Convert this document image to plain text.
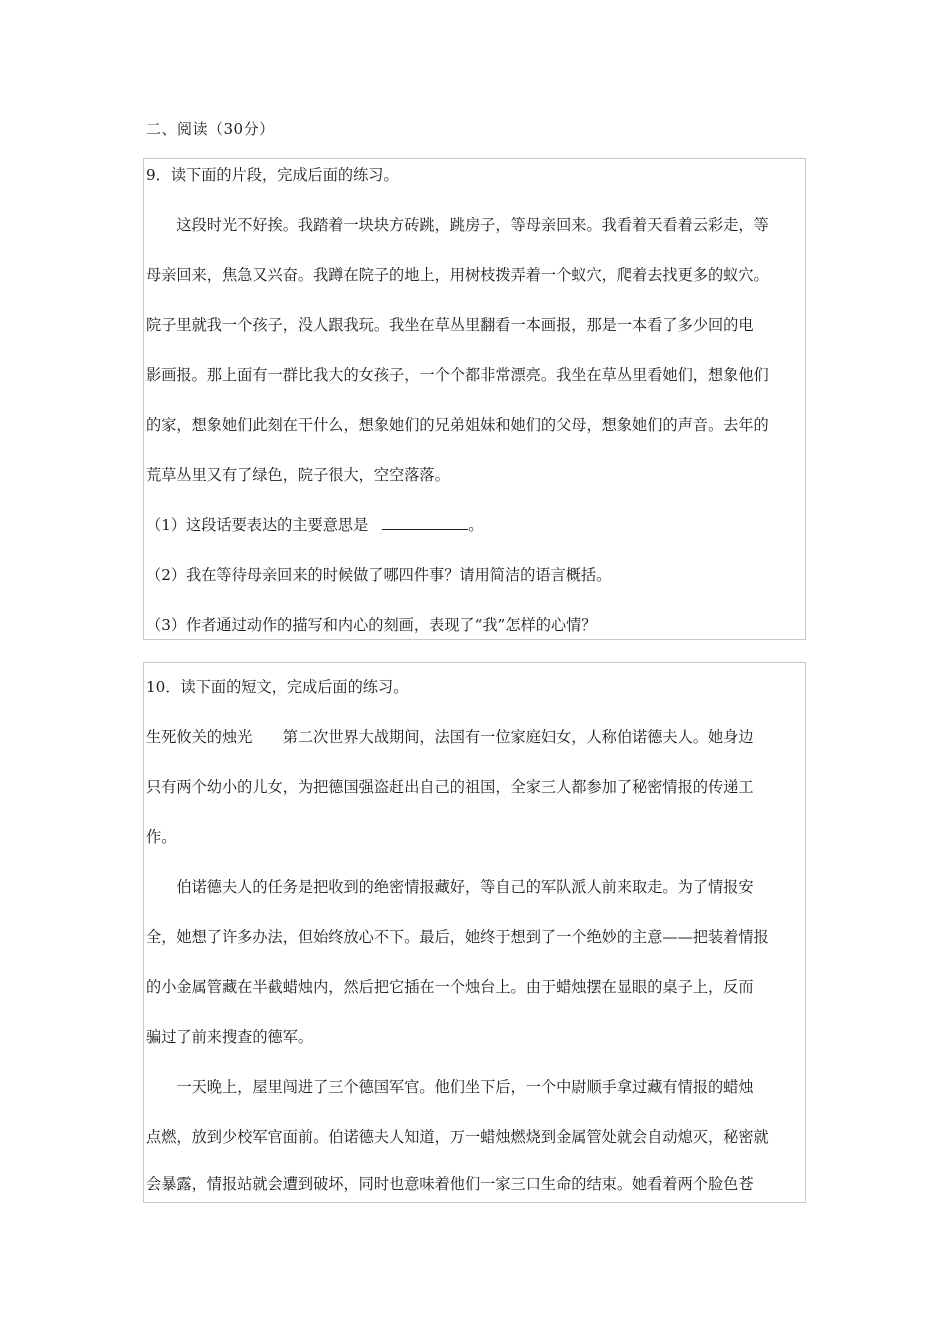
二、阅读（30分）
9．读下面的片段，完成后面的练习。
　　这段时光不好挨。我踏着一块块方砖跳，跳房子，等母亲回来。我看着天看着云彩走，等
母亲回来，焦急又兴奋。我蹲在院子的地上，用树枝拨弄着一个蚁穴，爬着去找更多的蚁穴。
院子里就我一个孩子，没人跟我玩。我坐在草丛里翻看一本画报，那是一本看了多少回的电
影画报。那上面有一群比我大的女孩子，一个个都非常漂亮。我坐在草丛里看她们，想象他们
的家，想象她们此刻在干什么，想象她们的兄弟姐妹和她们的父母，想象她们的声音。去年的
荒草丛里又有了绿色，院子很大，空空落落。
（1）这段话要表达的主要意思是	。
（2）我在等待母亲回来的时候做了哪四件事？请用简洁的语言概括。
（3）作者通过动作的描写和内心的刻画，表现了“我”怎样的心情？
10．读下面的短文，完成后面的练习。
生死攸关的烛光　　第二次世界大战期间，法国有一位家庭妇女，人称伯诺德夫人。她身边
只有两个幼小的儿女，为把德国强盗赶出自己的祖国，全家三人都参加了秘密情报的传递工
作。
　　伯诺德夫人的任务是把收到的绝密情报藏好，等自己的军队派人前来取走。为了情报安
全，她想了许多办法，但始终放心不下。最后，她终于想到了一个绝妙的主意——把装着情报
的小金属管藏在半截蜡烛内，然后把它插在一个烛台上。由于蜡烛摆在显眼的桌子上，反而
骗过了前来搜查的德军。
　　一天晚上，屋里闯进了三个德国军官。他们坐下后，一个中尉顺手拿过藏有情报的蜡烛
点燃，放到少校军官面前。伯诺德夫人知道，万一蜡烛燃烧到金属管处就会自动熄灭，秘密就
会暴露，情报站就会遭到破坏，同时也意味着他们一家三口生命的结束。她看着两个脸色苍
